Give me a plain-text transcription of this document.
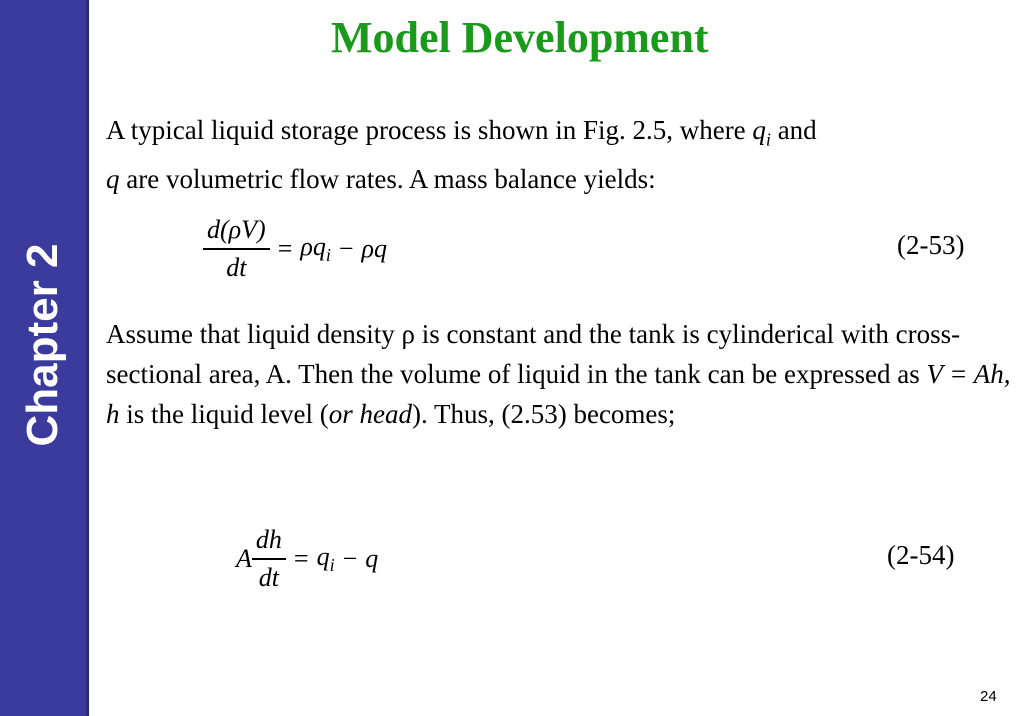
Chapter 2
Model Development
A typical liquid storage process is shown in Fig. 2.5, where $q_i$ and
q are volumetric flow rates. A mass balance yields:
$\frac{d(\rho V)}{dt} = \rho q_i - \rho q$	(2-53)
Assume that liquid density ρ is constant and the tank is cylinderical with cross-sectional area, A. Then the volume of liquid in the tank can be expressed as V = Ah, h is the liquid level (or head). Thus, (2.53) becomes;
A $\frac{dh}{dt} = q_i - q$	(2-54)
24
